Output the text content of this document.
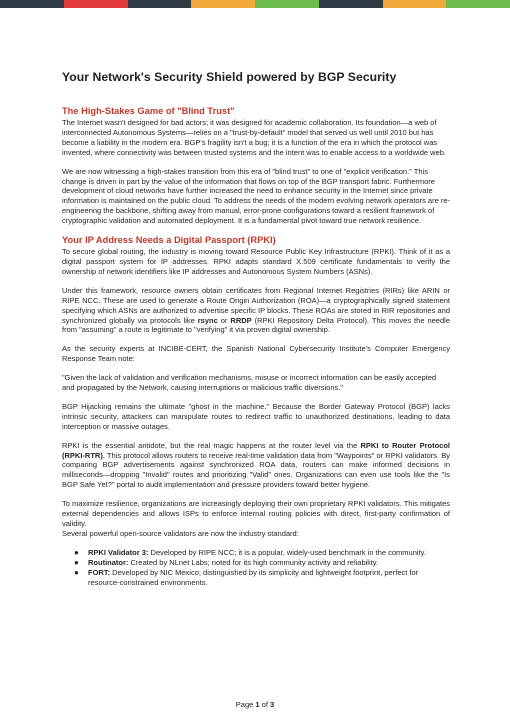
Your Network's Security Shield powered by BGP Security
The High-Stakes Game of "Blind Trust"

The Internet wasn't designed for bad actors; it was designed for academic collaboration. Its foundation—a web of interconnected Autonomous Systems—relies on a "trust-by-default" model that served us well until 2010 but has become a liability in the modern era. BGP's fragility isn't a bug; it is a function of the era in which the protocol was invented, where connectivity was between trusted systems and the intent was to enable access to a worldwide web.

We are now witnessing a high-stakes transition from this era of "blind trust" to one of "explicit verification." This change is driven in part by the value of the information that flows on top of the BGP transport fabric. Furthermore development of cloud networks have further increased the need to enhance security in the Internet since private information is maintained on the public cloud. To address the needs of the modern evolving network operators are re-engineering the backbone, shifting away from manual, error-prone configurations toward a resilient framework of cryptographic validation and automated deployment. It is a fundamental pivot toward true network resilience.

Your IP Address Needs a Digital Passport (RPKI)

To secure global routing, the industry is moving toward Resource Public Key Infrastructure (RPKI). Think of it as a digital passport system for IP addresses. RPKI adapts standard X.509 certificate fundamentals to verify the ownership of network identifiers like IP addresses and Autonomous System Numbers (ASNs).

Under this framework, resource owners obtain certificates from Regional Internet Registries (RIRs) like ARIN or RIPE NCC. These are used to generate a Route Origin Authorization (ROA)—a cryptographically signed statement specifying which ASNs are authorized to advertise specific IP blocks. These ROAs are stored in RIR repositories and synchronized globally via protocols like rsync or RRDP (RPKI Repository Delta Protocol). This moves the needle from "assuming" a route is legitimate to "verifying" it via proven digital ownership.

As the security experts at INCIBE-CERT, the Spanish National Cybersecurity Institute's Computer Emergency Response Team note:

"Given the lack of validation and verification mechanisms, misuse or incorrect information can be easily accepted and propagated by the Network, causing interruptions or malicious traffic diversions."

BGP Hijacking remains the ultimate "ghost in the machine." Because the Border Gateway Protocol (BGP) lacks intrinsic security, attackers can manipulate routes to redirect traffic to unauthorized destinations, leading to data interception or massive outages.

RPKI is the essential antidote, but the real magic happens at the router level via the RPKI to Router Protocol (RPKI-RTR). This protocol allows routers to receive real-time validation data from "Waypoints" or RPKI validators. By comparing BGP advertisements against synchronized ROA data, routers can make informed decisions in milliseconds—dropping "Invalid" routes and prioritizing "Valid" ones. Organizations can even use tools like the "Is BGP Safe Yet?" portal to audit implementation and pressure providers toward better hygiene.

To maximize resilience, organizations are increasingly deploying their own proprietary RPKI validators. This mitigates external dependencies and allows ISPs to enforce internal routing policies with direct, first-party confirmation of validity.
Several powerful open-source validators are now the industry standard:

● RPKI Validator 3: Developed by RIPE NCC; it is a popular, widely-used benchmark in the community.
● Routinator: Created by NLnet Labs; noted for its high community activity and reliability.
● FORT: Developed by NIC Mexico; distinguished by its simplicity and lightweight footprint, perfect for resource-constrained environments.
Page 1 of 3
